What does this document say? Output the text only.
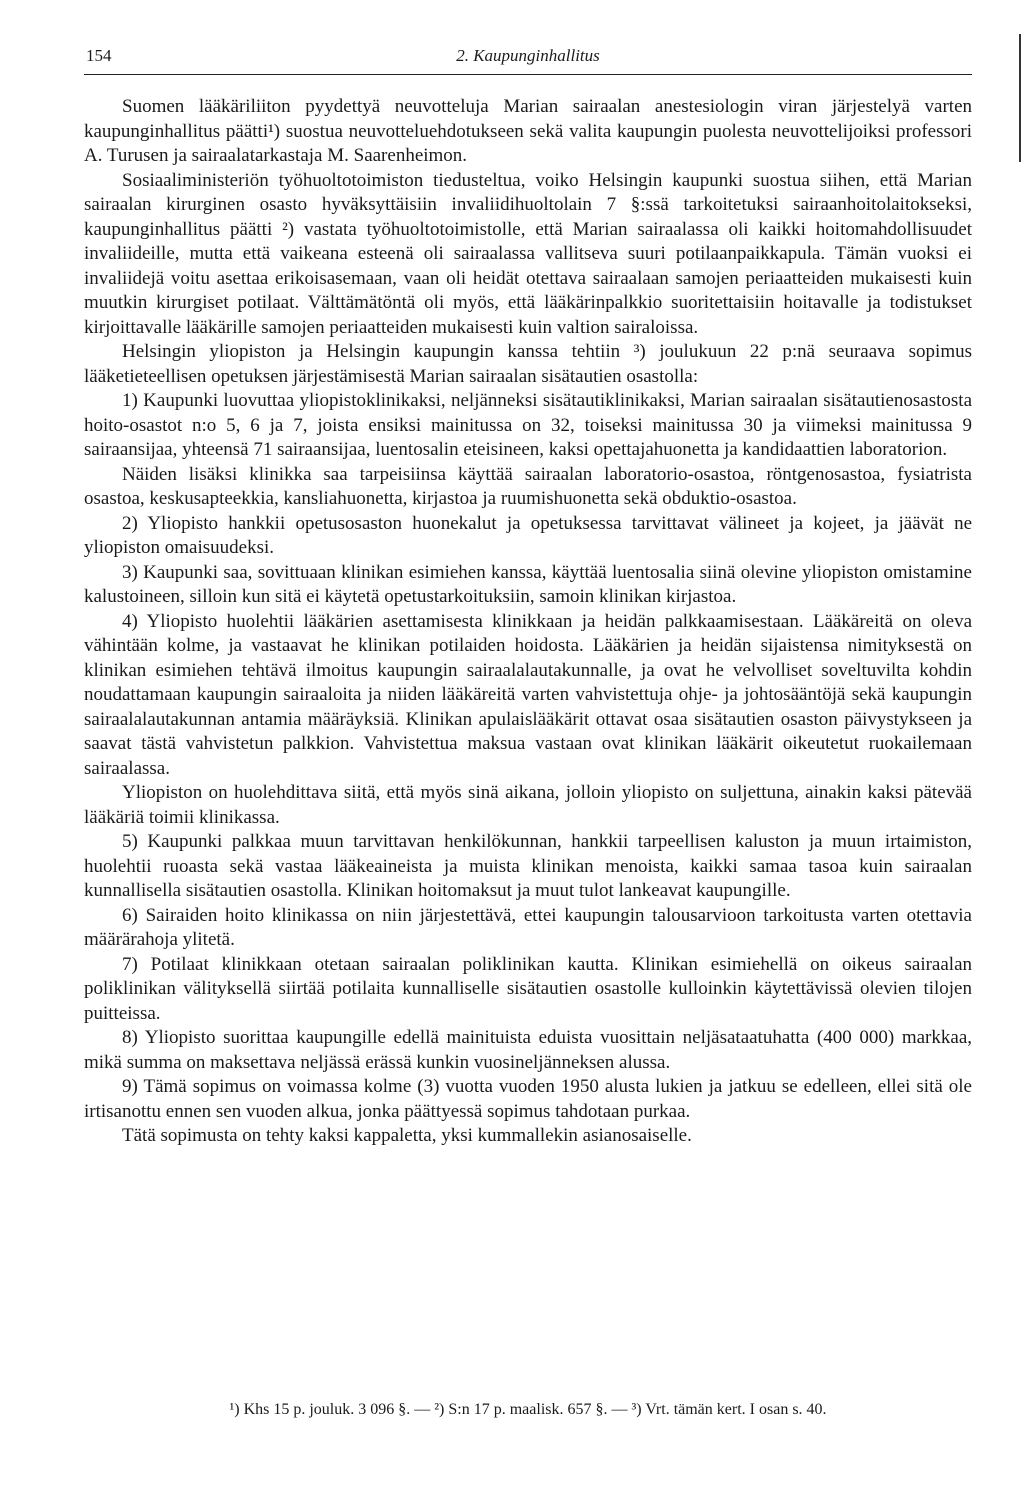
154	2. Kaupunginhallitus

Suomen lääkäriliiton pyydettyä neuvotteluja Marian sairaalan anestesiologin viran järjestelyä varten kaupunginhallitus päätti¹) suostua neuvotteluehdotukseen sekä valita kaupungin puolesta neuvottelijoiksi professori A. Turusen ja sairaalatarkastaja M. Saarenheimon.

Sosiaaliministeriön työhuoltotoimiston tiedusteltua, voiko Helsingin kaupunki suostua siihen, että Marian sairaalan kirurginen osasto hyväksyttäisiin invaliidihuoltolain 7 §:ssä tarkoitetuksi sairaanhoitolaitokseksi, kaupunginhallitus päätti ²) vastata työhuoltotoimistolle, että Marian sairaalassa oli kaikki hoitomahdollisuudet invaliideille, mutta että vaikeana esteenä oli sairaalassa vallitseva suuri potilaanpaikkapula. Tämän vuoksi ei invaliidejä voitu asettaa erikoisasemaan, vaan oli heidät otettava sairaalaan samojen periaatteiden mukaisesti kuin muutkin kirurgiset potilaat. Välttämätöntä oli myös, että lääkärinpalkkio suoritettaisiin hoitavalle ja todistukset kirjoittavalle lääkärille samojen periaatteiden mukaisesti kuin valtion sairaloissa.

Helsingin yliopiston ja Helsingin kaupungin kanssa tehtiin ³) joulukuun 22 p:nä seuraava sopimus lääketieteellisen opetuksen järjestämisestä Marian sairaalan sisätautien osastolla:

1) Kaupunki luovuttaa yliopistoklinikaksi, neljänneksi sisätautiklinikaksi, Marian sairaalan sisätautienosastosta hoito-osastot n:o 5, 6 ja 7, joista ensiksi mainitussa on 32, toiseksi mainitussa 30 ja viimeksi mainitussa 9 sairaansijaa, yhteensä 71 sairaansijaa, luentosalin eteisineen, kaksi opettajahuonetta ja kandidaattien laboratorion.

Näiden lisäksi klinikka saa tarpeisiinsa käyttää sairaalan laboratorio-osastoa, röntgenosastoa, fysiatrista osastoa, keskusapteekkia, kansliahuonetta, kirjastoa ja ruumishuonetta sekä obduktio-osastoa.

2) Yliopisto hankkii opetusosaston huonekalut ja opetuksessa tarvittavat välineet ja kojeet, ja jäävät ne yliopiston omaisuudeksi.

3) Kaupunki saa, sovittuaan klinikan esimiehen kanssa, käyttää luentosalia siinä olevine yliopiston omistamine kalustoineen, silloin kun sitä ei käytetä opetustarkoituksiin, samoin klinikan kirjastoa.

4) Yliopisto huolehtii lääkärien asettamisesta klinikkaan ja heidän palkkaamisestaan. Lääkäreitä on oleva vähintään kolme, ja vastaavat he klinikan potilaiden hoidosta. Lääkärien ja heidän sijaistensa nimityksestä on klinikan esimiehen tehtävä ilmoitus kaupungin sairaalalautakunnalle, ja ovat he velvolliset soveltuvilta kohdin noudattamaan kaupungin sairaaloita ja niiden lääkäreitä varten vahvistettuja ohje- ja johtosääntöjä sekä kaupungin sairaalalautakunnan antamia määräyksiä. Klinikan apulaislääkärit ottavat osaa sisätautien osaston päivystykseen ja saavat tästä vahvistetun palkkion. Vahvistettua maksua vastaan ovat klinikan lääkärit oikeutetut ruokailemaan sairaalassa.

Yliopiston on huolehdittava siitä, että myös sinä aikana, jolloin yliopisto on suljettuna, ainakin kaksi pätevää lääkäriä toimii klinikassa.

5) Kaupunki palkkaa muun tarvittavan henkilökunnan, hankkii tarpeellisen kaluston ja muun irtaimiston, huolehtii ruoasta sekä vastaa lääkeaineista ja muista klinikan menoista, kaikki samaa tasoa kuin sairaalan kunnallisella sisätautien osastolla. Klinikan hoitomaksut ja muut tulot lankeavat kaupungille.

6) Sairaiden hoito klinikassa on niin järjestettävä, ettei kaupungin talousarvioon tarkoitusta varten otettavia määrärahoja ylitetä.

7) Potilaat klinikkaan otetaan sairaalan poliklinikan kautta. Klinikan esimiehellä on oikeus sairaalan poliklinikan välityksellä siirtää potilaita kunnalliselle sisätautien osastolle kulloinkin käytettävissä olevien tilojen puitteissa.

8) Yliopisto suorittaa kaupungille edellä mainituista eduista vuosittain neljäsataatuhatta (400 000) markkaa, mikä summa on maksettava neljässä erässä kunkin vuosineljänneksen alussa.

9) Tämä sopimus on voimassa kolme (3) vuotta vuoden 1950 alusta lukien ja jatkuu se edelleen, ellei sitä ole irtisanottu ennen sen vuoden alkua, jonka päättyessä sopimus tahdotaan purkaa.

Tätä sopimusta on tehty kaksi kappaletta, yksi kummallekin asianosaiselle.

¹) Khs 15 p. jouluk. 3 096 §. — ²) S:n 17 p. maalisk. 657 §. — ³) Vrt. tämän kert. I osan s. 40.
